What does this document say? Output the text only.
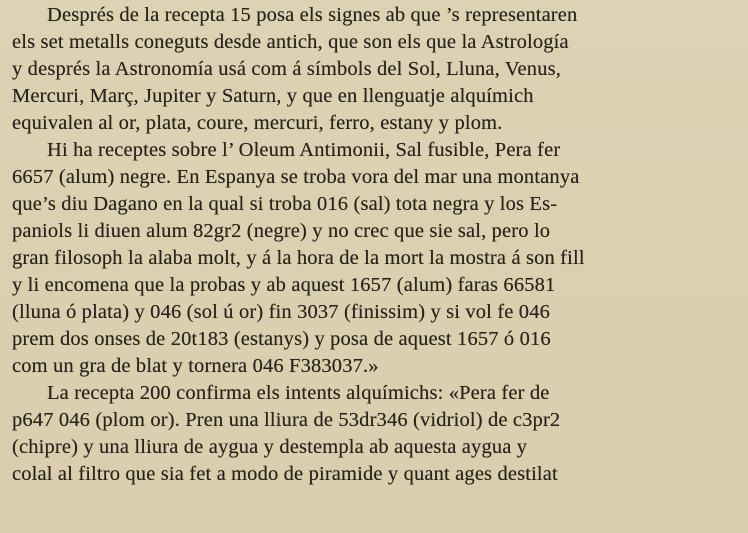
Després de la recepta 15 posa els signes ab que ’s representaren
els set metalls coneguts desde antich, que son els que la Astrología
y després la Astronomía usá com á símbols del Sol, Lluna, Venus,
Mercuri, Març, Jupiter y Saturn, y que en llenguatje alquímich
equivalen al or, plata, coure, mercuri, ferro, estany y plom.
Hi ha receptes sobre l’ Oleum Antimonii, Sal fusible, Pera fer
6657 (alum) negre. En Espanya se troba vora del mar una montanya
que’s diu Dagano en la qual si troba 016 (sal) tota negra y los Es-
paniols li diuen alum 82gr2 (negre) y no crec que sie sal, pero lo
gran filosoph la alaba molt, y á la hora de la mort la mostra á son fill
y li encomena que la probas y ab aquest 1657 (alum) faras 66581
(lluna ó plata) y 046 (sol ú or) fin 3037 (finissim) y si vol fe 046
prem dos onses de 20t183 (estanys) y posa de aquest 1657 ó 016
com un gra de blat y tornera 046 F383037.»
La recepta 200 confirma els intents alquímichs: «Pera fer de
p647 046 (plom or). Pren una lliura de 53dr346 (vidriol) de c3pr2
(chipre) y una lliura de aygua y destempla ab aquesta aygua y
colal al filtro que sia fet a modo de piramide y quant ages destilat
